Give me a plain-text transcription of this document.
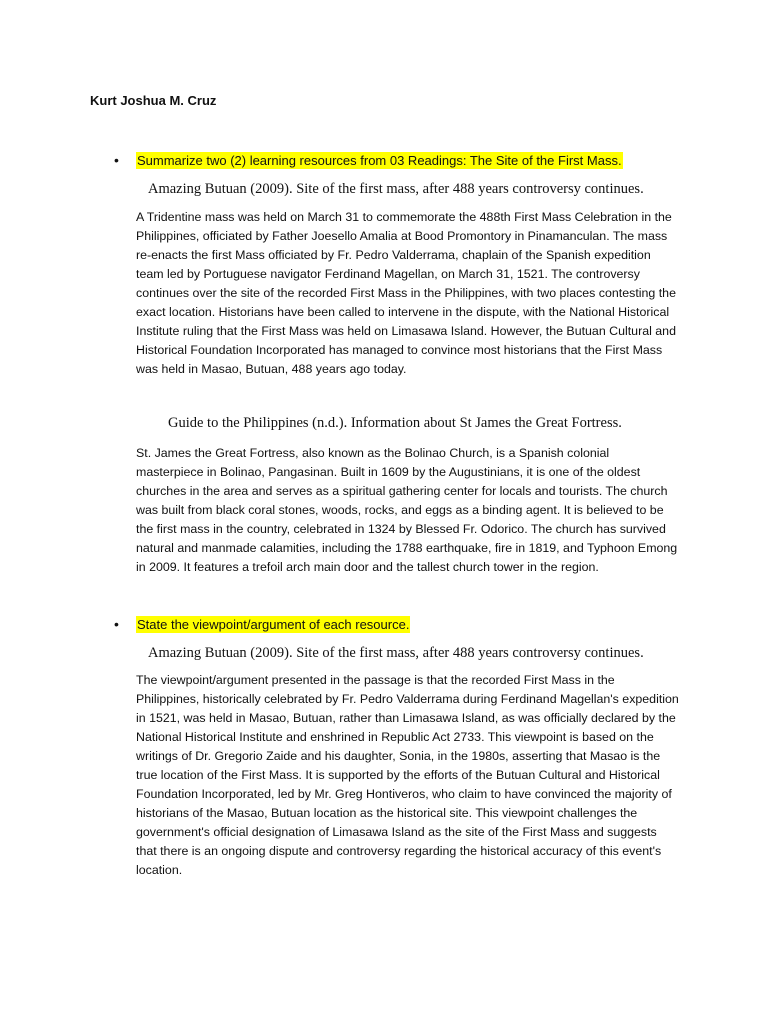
Kurt Joshua M. Cruz

•	Summarize two (2) learning resources from 03 Readings: The Site of the First Mass.

Amazing Butuan (2009). Site of the first mass, after 488 years controversy continues.

A Tridentine mass was held on March 31 to commemorate the 488th First Mass Celebration in the Philippines, officiated by Father Joesello Amalia at Bood Promontory in Pinamanculan. The mass re-enacts the first Mass officiated by Fr. Pedro Valderrama, chaplain of the Spanish expedition team led by Portuguese navigator Ferdinand Magellan, on March 31, 1521. The controversy continues over the site of the recorded First Mass in the Philippines, with two places contesting the exact location. Historians have been called to intervene in the dispute, with the National Historical Institute ruling that the First Mass was held on Limasawa Island. However, the Butuan Cultural and Historical Foundation Incorporated has managed to convince most historians that the First Mass was held in Masao, Butuan, 488 years ago today.

Guide to the Philippines (n.d.). Information about St James the Great Fortress.

St. James the Great Fortress, also known as the Bolinao Church, is a Spanish colonial masterpiece in Bolinao, Pangasinan. Built in 1609 by the Augustinians, it is one of the oldest churches in the area and serves as a spiritual gathering center for locals and tourists. The church was built from black coral stones, woods, rocks, and eggs as a binding agent. It is believed to be the first mass in the country, celebrated in 1324 by Blessed Fr. Odorico. The church has survived natural and manmade calamities, including the 1788 earthquake, fire in 1819, and Typhoon Emong in 2009. It features a trefoil arch main door and the tallest church tower in the region.

•	State the viewpoint/argument of each resource.

Amazing Butuan (2009). Site of the first mass, after 488 years controversy continues.

The viewpoint/argument presented in the passage is that the recorded First Mass in the Philippines, historically celebrated by Fr. Pedro Valderrama during Ferdinand Magellan's expedition in 1521, was held in Masao, Butuan, rather than Limasawa Island, as was officially declared by the National Historical Institute and enshrined in Republic Act 2733. This viewpoint is based on the writings of Dr. Gregorio Zaide and his daughter, Sonia, in the 1980s, asserting that Masao is the true location of the First Mass. It is supported by the efforts of the Butuan Cultural and Historical Foundation Incorporated, led by Mr. Greg Hontiveros, who claim to have convinced the majority of historians of the Masao, Butuan location as the historical site. This viewpoint challenges the government's official designation of Limasawa Island as the site of the First Mass and suggests that there is an ongoing dispute and controversy regarding the historical accuracy of this event's location.
